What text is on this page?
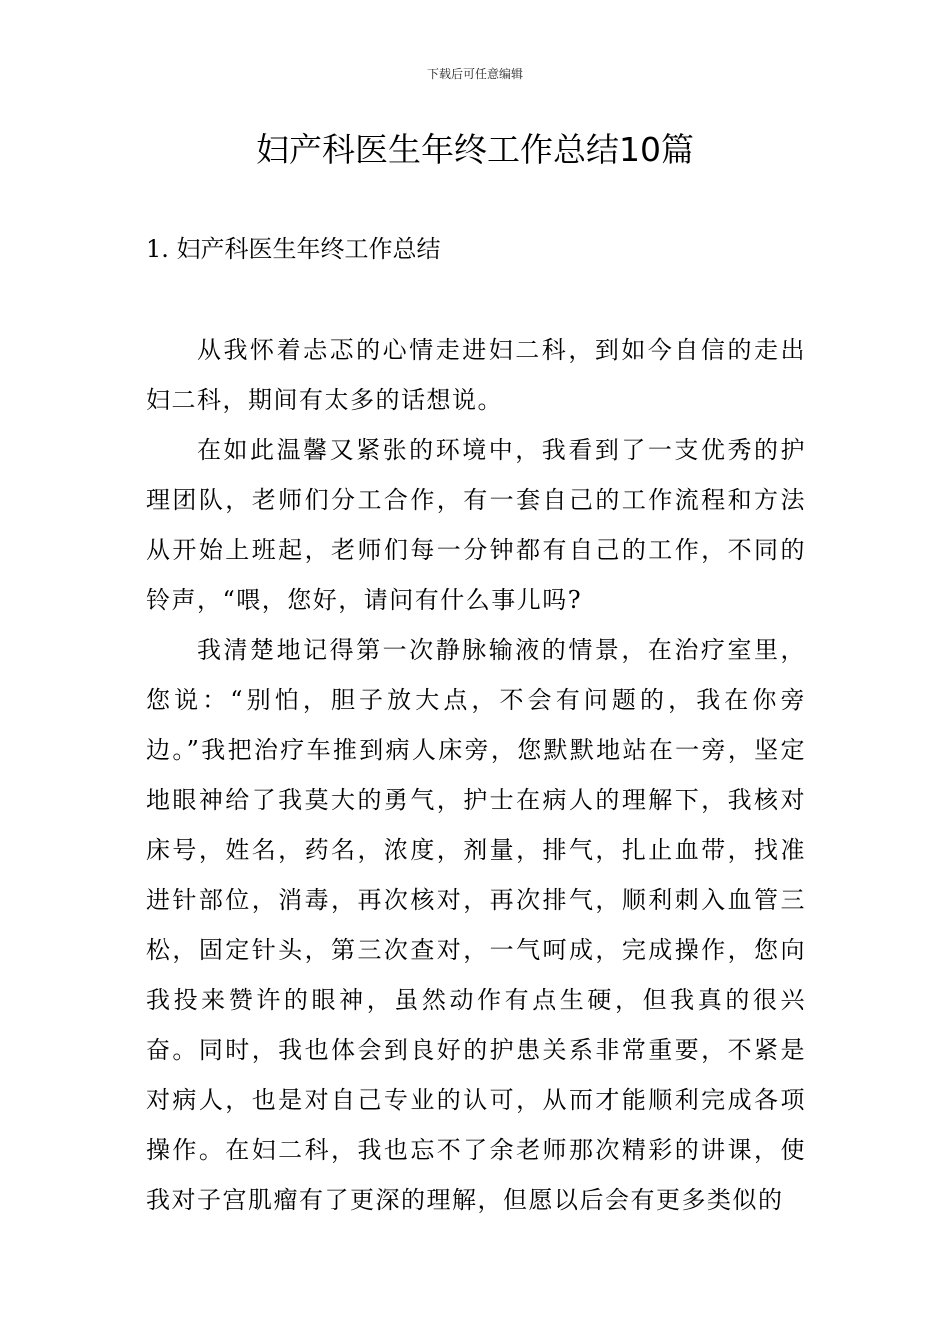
下载后可任意编辑
妇产科医生年终工作总结10篇
1. 妇产科医生年终工作总结

从我怀着忐忑的心情走进妇二科，到如今自信的走出妇二科，期间有太多的话想说。

在如此温馨又紧张的环境中，我看到了一支优秀的护理团队，老师们分工合作，有一套自己的工作流程和方法从开始上班起，老师们每一分钟都有自己的工作，不同的铃声，“喂，您好，请问有什么事儿吗?

我清楚地记得第一次静脉输液的情景，在治疗室里，您说：“别怕，胆子放大点，不会有问题的，我在你旁边。”我把治疗车推到病人床旁，您默默地站在一旁，坚定地眼神给了我莫大的勇气，护士在病人的理解下，我核对床号，姓名，药名，浓度，剂量，排气，扎止血带，找准进针部位，消毒，再次核对，再次排气，顺利刺入血管三松，固定针头，第三次查对，一气呵成，完成操作，您向我投来赞许的眼神，虽然动作有点生硬，但我真的很兴奋。同时，我也体会到良好的护患关系非常重要，不紧是对病人，也是对自己专业的认可，从而才能顺利完成各项操作。在妇二科，我也忘不了余老师那次精彩的讲课，使我对子宫肌瘤有了更深的理解，但愿以后会有更多类似的
